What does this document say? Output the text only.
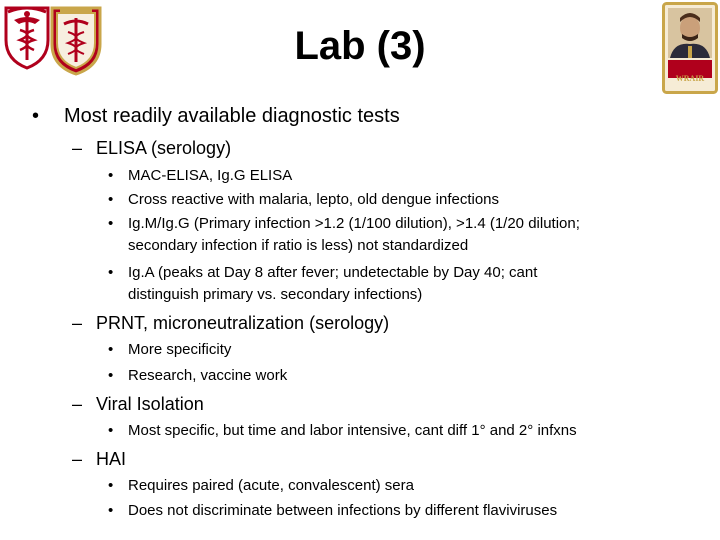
WRAIR
Lab (3)
• Most readily available diagnostic tests
– ELISA (serology)
• MAC-ELISA, Ig.G ELISA
• Cross reactive with malaria, lepto, old dengue infections
• Ig.M/Ig.G (Primary infection >1.2 (1/100 dilution), >1.4 (1/20 dilution;
secondary infection if ratio is less) not standardized
• Ig.A (peaks at Day 8 after fever; undetectable by Day 40; cant
distinguish primary vs. secondary infections)
– PRNT, microneutralization (serology)
• More specificity
• Research, vaccine work
– Viral Isolation
• Most specific, but time and labor intensive, cant diff 1° and 2° infxns
– HAI
• Requires paired (acute, convalescent) sera
• Does not discriminate between infections by different flaviviruses
